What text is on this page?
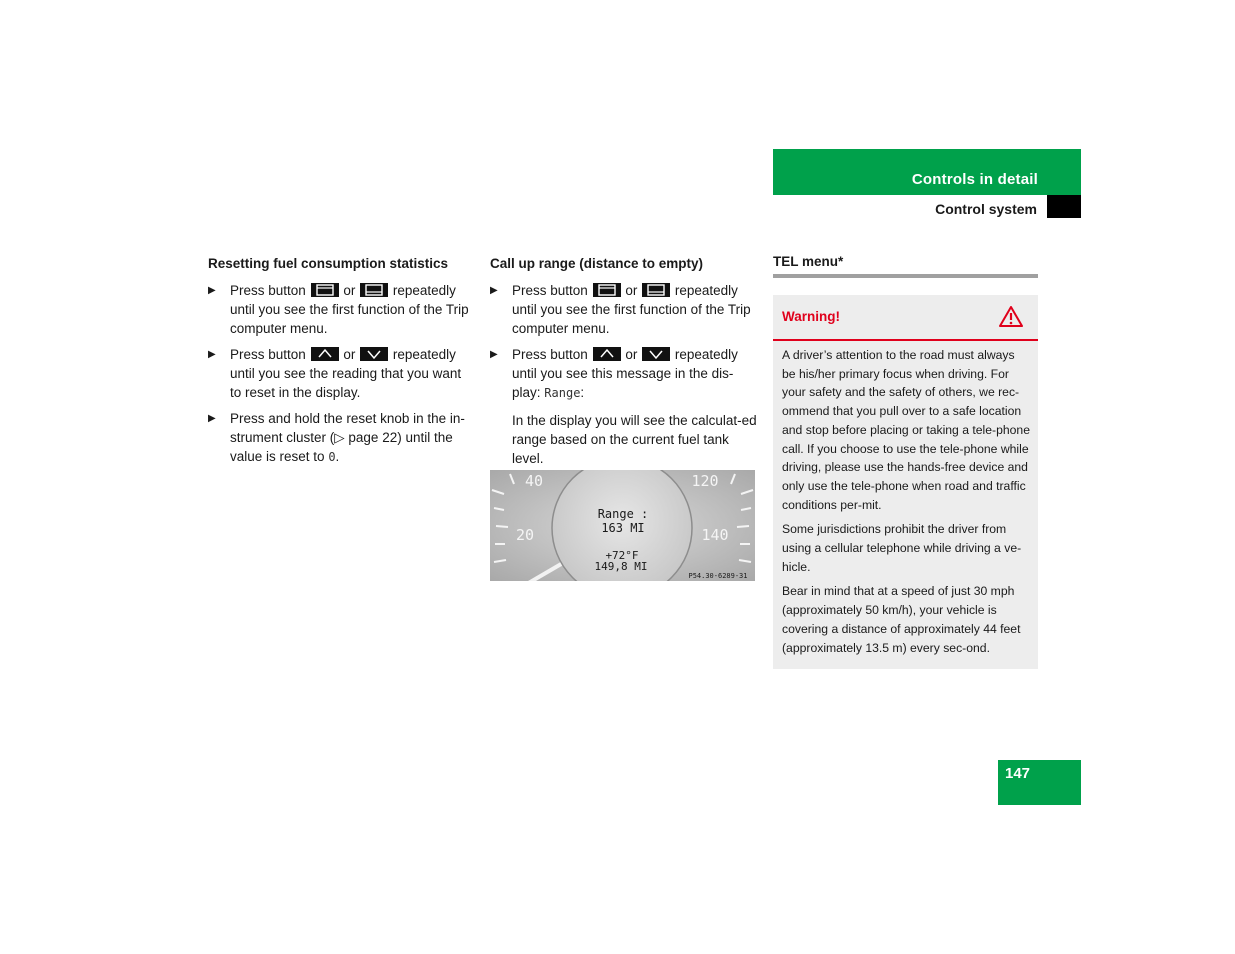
Controls in detail
Control system
Resetting fuel consumption statistics
▶ Press button	or	repeatedly until you see the first function of the Trip computer menu.
▶ Press button	or	repeatedly until you see the reading that you want to reset in the display.
▶ Press and hold the reset knob in the in-strument cluster (▷ page 22) until the value is reset to 0.
Call up range (distance to empty)
▶ Press button	or	repeatedly until you see the first function of the Trip computer menu.
▶ Press button	or	repeatedly until you see this message in the dis-play: Range:
In the display you will see the calculat-ed range based on the current fuel tank level.
40
20
120
140
Range :
163 MI
+72°F
149,8 MI
P54.30-6289-31
TEL menu*
Warning!

A driver’s attention to the road must always be his/her primary focus when driving. For your safety and the safety of others, we rec-ommend that you pull over to a safe location and stop before placing or taking a tele-phone call. If you choose to use the tele-phone while driving, please use the hands-free device and only use the tele-phone when road and traffic conditions per-mit.

Some jurisdictions prohibit the driver from using a cellular telephone while driving a ve-hicle.

Bear in mind that at a speed of just 30 mph (approximately 50 km/h), your vehicle is covering a distance of approximately 44 feet (approximately 13.5 m) every sec-ond.

147
